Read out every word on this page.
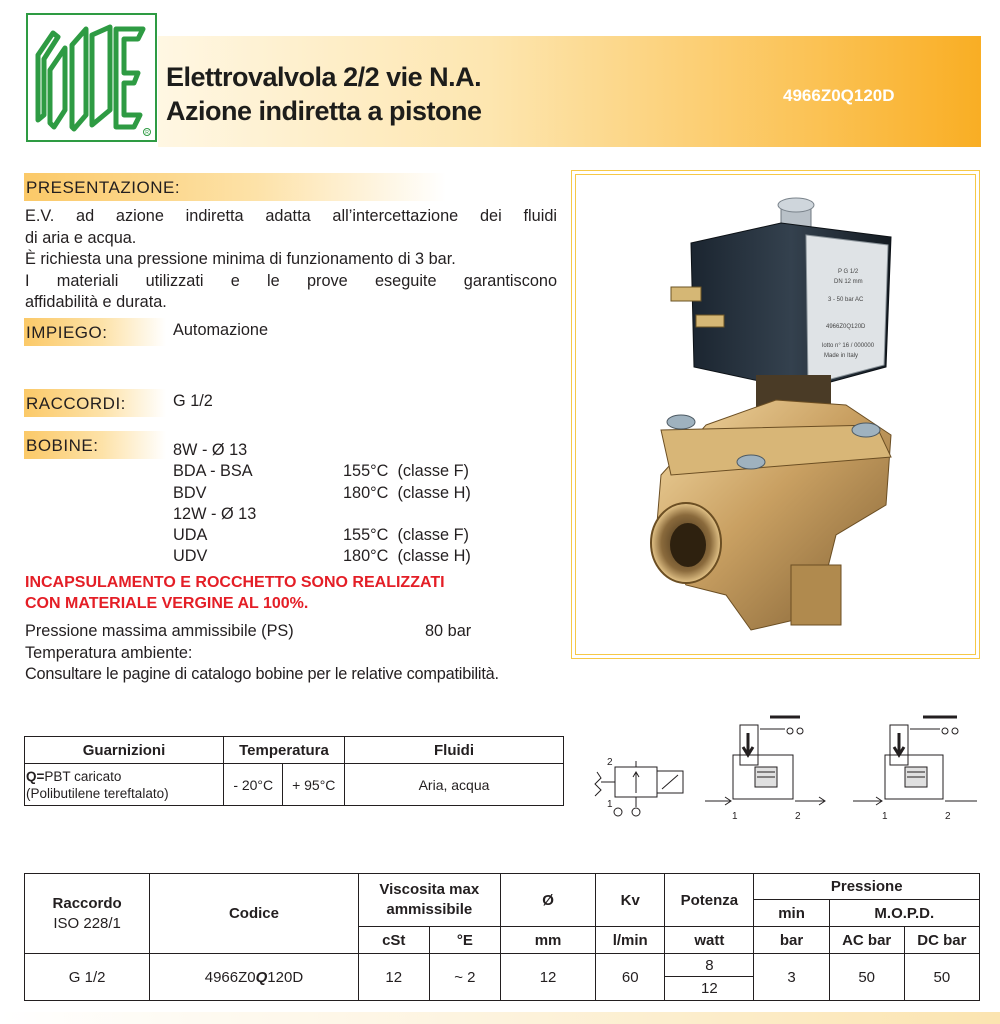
R
Elettrovalvola 2/2 vie N.A.
Azione indiretta a pistone
4966Z0Q120D
PRESENTAZIONE:
E.V. ad azione indiretta adatta all’intercettazione dei fluidi
di aria e acqua.
È richiesta una pressione minima di funzionamento di 3 bar.
I materiali utilizzati e le prove eseguite garantiscono
affidabilità e durata.
IMPIEGO:	Automazione
RACCORDI:	G 1/2
BOBINE:	8W - Ø 13
BDA - BSA	155°C  (classe F)
BDV	180°C  (classe H)
12W - Ø 13
UDA	155°C  (classe F)
UDV	180°C  (classe H)
INCAPSULAMENTO E ROCCHETTO SONO REALIZZATI
CON MATERIALE VERGINE AL 100%.
Pressione massima ammissibile (PS)	80 bar
Temperatura ambiente:
Consultare le pagine di catalogo bobine per le relative compatibilità.
P G 1/2
DN 12 mm
3 - 50 bar AC
4966Z0Q120D
lotto n° 16 / 000000
Made in Italy
Guarnizioni	Temperatura		Fluidi

Q=PBT caricato
(Polibutilene tereftalato)	- 20°C	+ 95°C	Aria, acqua
2
1
1	2	1	2
Raccordo
ISO 228/1	Codice	Viscosita max ammissibile		Ø	Kv	Potenza	Pressione		
							min	M.O.P.D.	
		cSt	°E	mm	l/min	watt	bar	AC bar	DC bar
G 1/2	4966Z0Q120D	12	~ 2	12	60	8	3	50	50
						12			
